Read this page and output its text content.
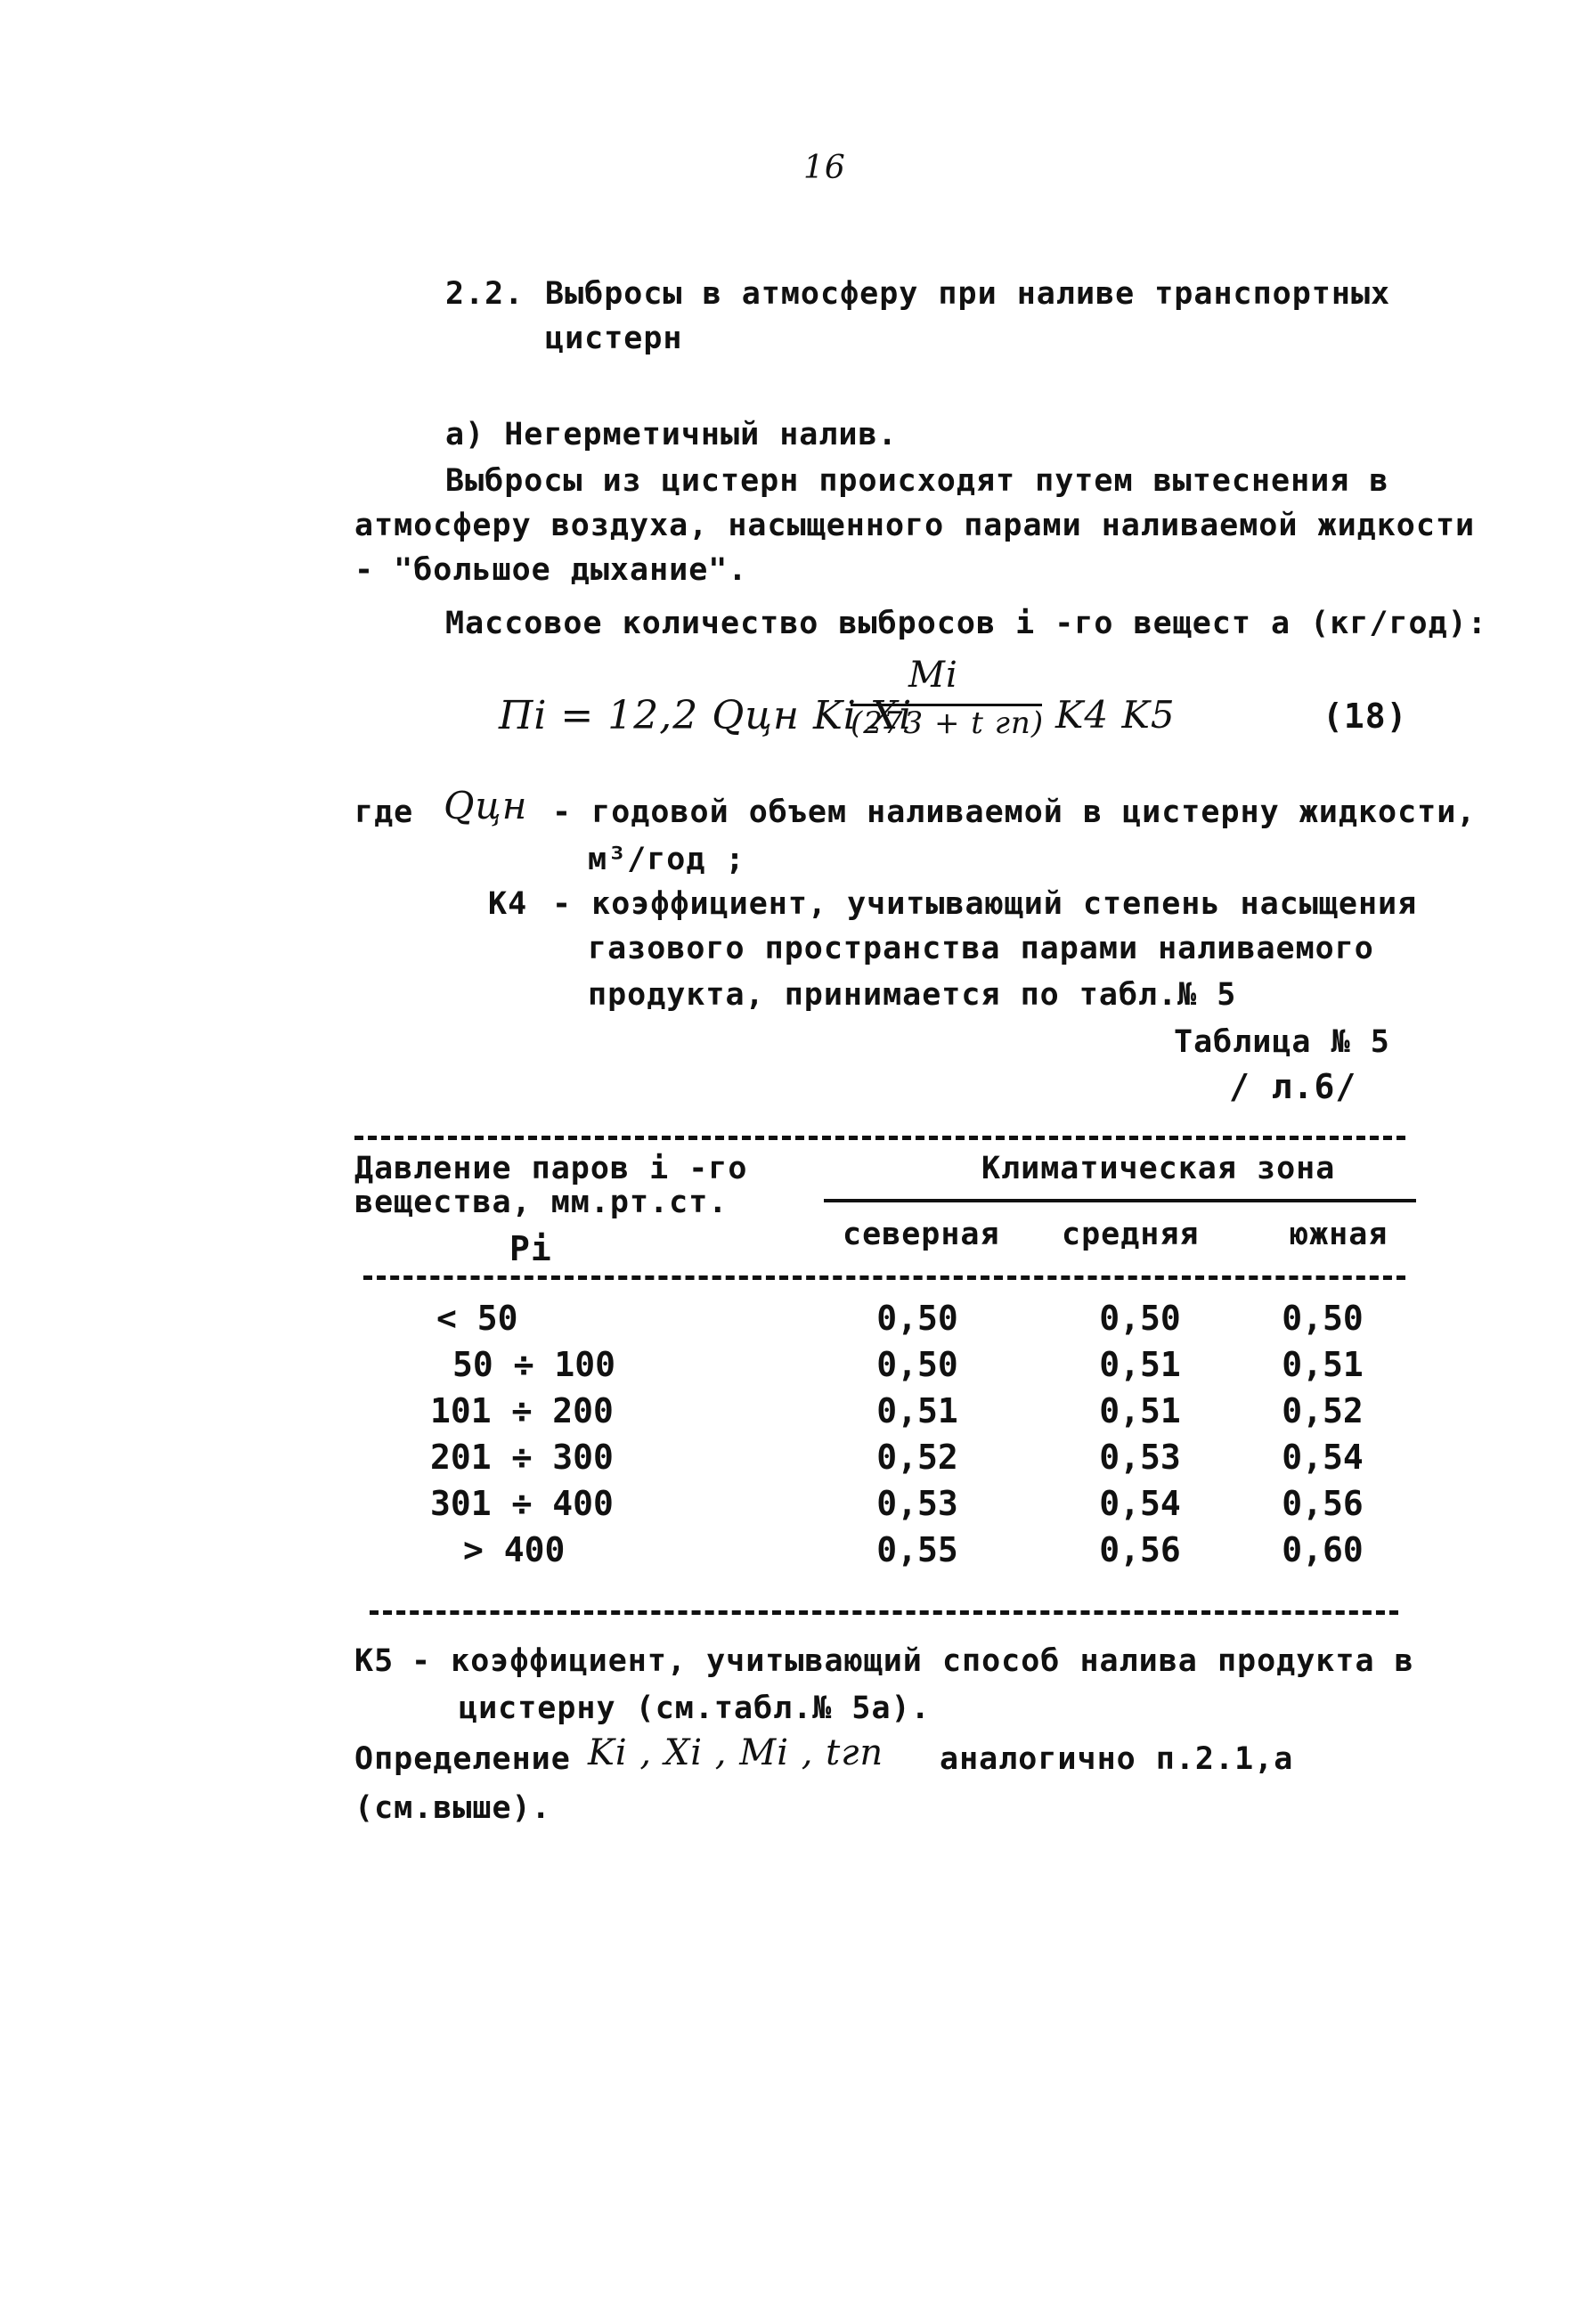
16
2.2. Выбросы в атмосферу при наливе транспортных
цистерн
а) Негерметичный налив.
Выбросы из цистерн происходят путем вытеснения в
атмосферу воздуха, насыщенного парами наливаемой жидкости
- "большое дыхание".
Массовое количество выбросов i -го вещест а (кг/год):
Пi = 12,2 Qцн Ki Xi
Mi
(273 + t гп) K4 K5	(18)
где Qцн - годовой объем наливаемой в цистерну жидкости,
м³/год ;
K4 - коэффициент, учитывающий степень насыщения
газового пространства парами наливаемого
продукта, принимается по табл.№ 5
Таблица № 5
/ л.6/
Давление паров i -го
вещества, мм.рт.ст.
Pi
Климатическая зона
северная средняя	южная
< 50	0,50	0,50	0,50
50 ÷ 100	0,50	0,51	0,51
101 ÷ 200	0,51	0,51	0,52
201 ÷ 300	0,52	0,53	0,54
301 ÷ 400	0,53	0,54	0,56
> 400	0,55	0,56	0,60
K5 - коэффициент, учитывающий способ налива продукта в
цистерну (см.табл.№ 5а).
Определение Ki , Xi , Mi , tгп аналогично п.2.1,а
(см.выше).
